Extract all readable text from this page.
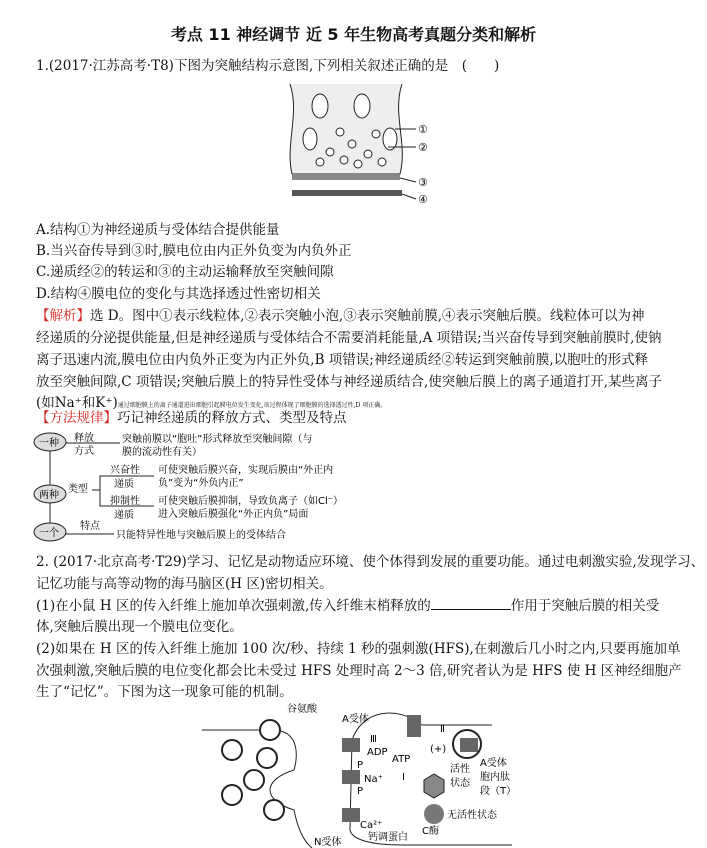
考点 11 神经调节 近 5 年生物高考真题分类和解析
1.(2017·江苏高考·T8)下图为突触结构示意图,下列相关叙述正确的是　(　　)
①
②
③
④
A.结构①为神经递质与受体结合提供能量
B.当兴奋传导到③时,膜电位由内正外负变为内负外正
C.递质经②的转运和③的主动运输释放至突触间隙
D.结构④膜电位的变化与其选择透过性密切相关
【解析】选 D。图中①表示线粒体,②表示突触小泡,③表示突触前膜,④表示突触后膜。线粒体可以为神
经递质的分泌提供能量,但是神经递质与受体结合不需要消耗能量,A 项错误;当兴奋传导到突触前膜时,使钠
离子迅速内流,膜电位由内负外正变为内正外负,B 项错误;神经递质经②转运到突触前膜,以胞吐的形式释
放至突触间隙,C 项错误;突触后膜上的特异性受体与神经递质结合,使突触后膜上的离子通道打开,某些离子
(如Na⁺和K⁺)通过细胞膜上的离子通道进出细胞引起膜电位发生变化,该过程体现了细胞膜的选择透过性,D 项正确。
【方法规律】巧记神经递质的释放方式、类型及特点
一种
两种
一个
释放
方式
突触前膜以“胞吐”形式释放至突触间隙（与
膜的流动性有关）
类型
兴奋性
递质
可使突触后膜兴奋，实现后膜由“外正内
负”变为“外负内正”
抑制性
递质
可使突触后膜抑制，导致负离子（如Cl⁻）
进入突触后膜强化“外正内负”局面
特点
只能特异性地与突触后膜上的受体结合
2. (2017·北京高考·T29)学习、记忆是动物适应环境、使个体得到发展的重要功能。通过电刺激实验,发现学习、
记忆功能与高等动物的海马脑区(H 区)密切相关。
(1)在小鼠 H 区的传入纤维上施加单次强刺激,传入纤维末梢释放的	作用于突触后膜的相关受
体,突触后膜出现一个膜电位变化。
(2)如果在 H 区的传入纤维上施加 100 次/秒、持续 1 秒的强刺激(HFS),在刺激后几小时之内,只要再施加单
次强刺激,突触后膜的电位变化都会比未受过 HFS 处理时高 2～3 倍,研究者认为是 HFS 使 H 区神经细胞产
生了“记忆”。下图为这一现象可能的机制。
谷氨酸
A受体
Ⅲ
Ⅱ
(+)
ADP
ATP
P
Na⁺ Ⅰ
P
活性
状态
A受体
胞内肽
段（T）
无活性状态
C酶
Ca²⁺
钙调蛋白
N受体
